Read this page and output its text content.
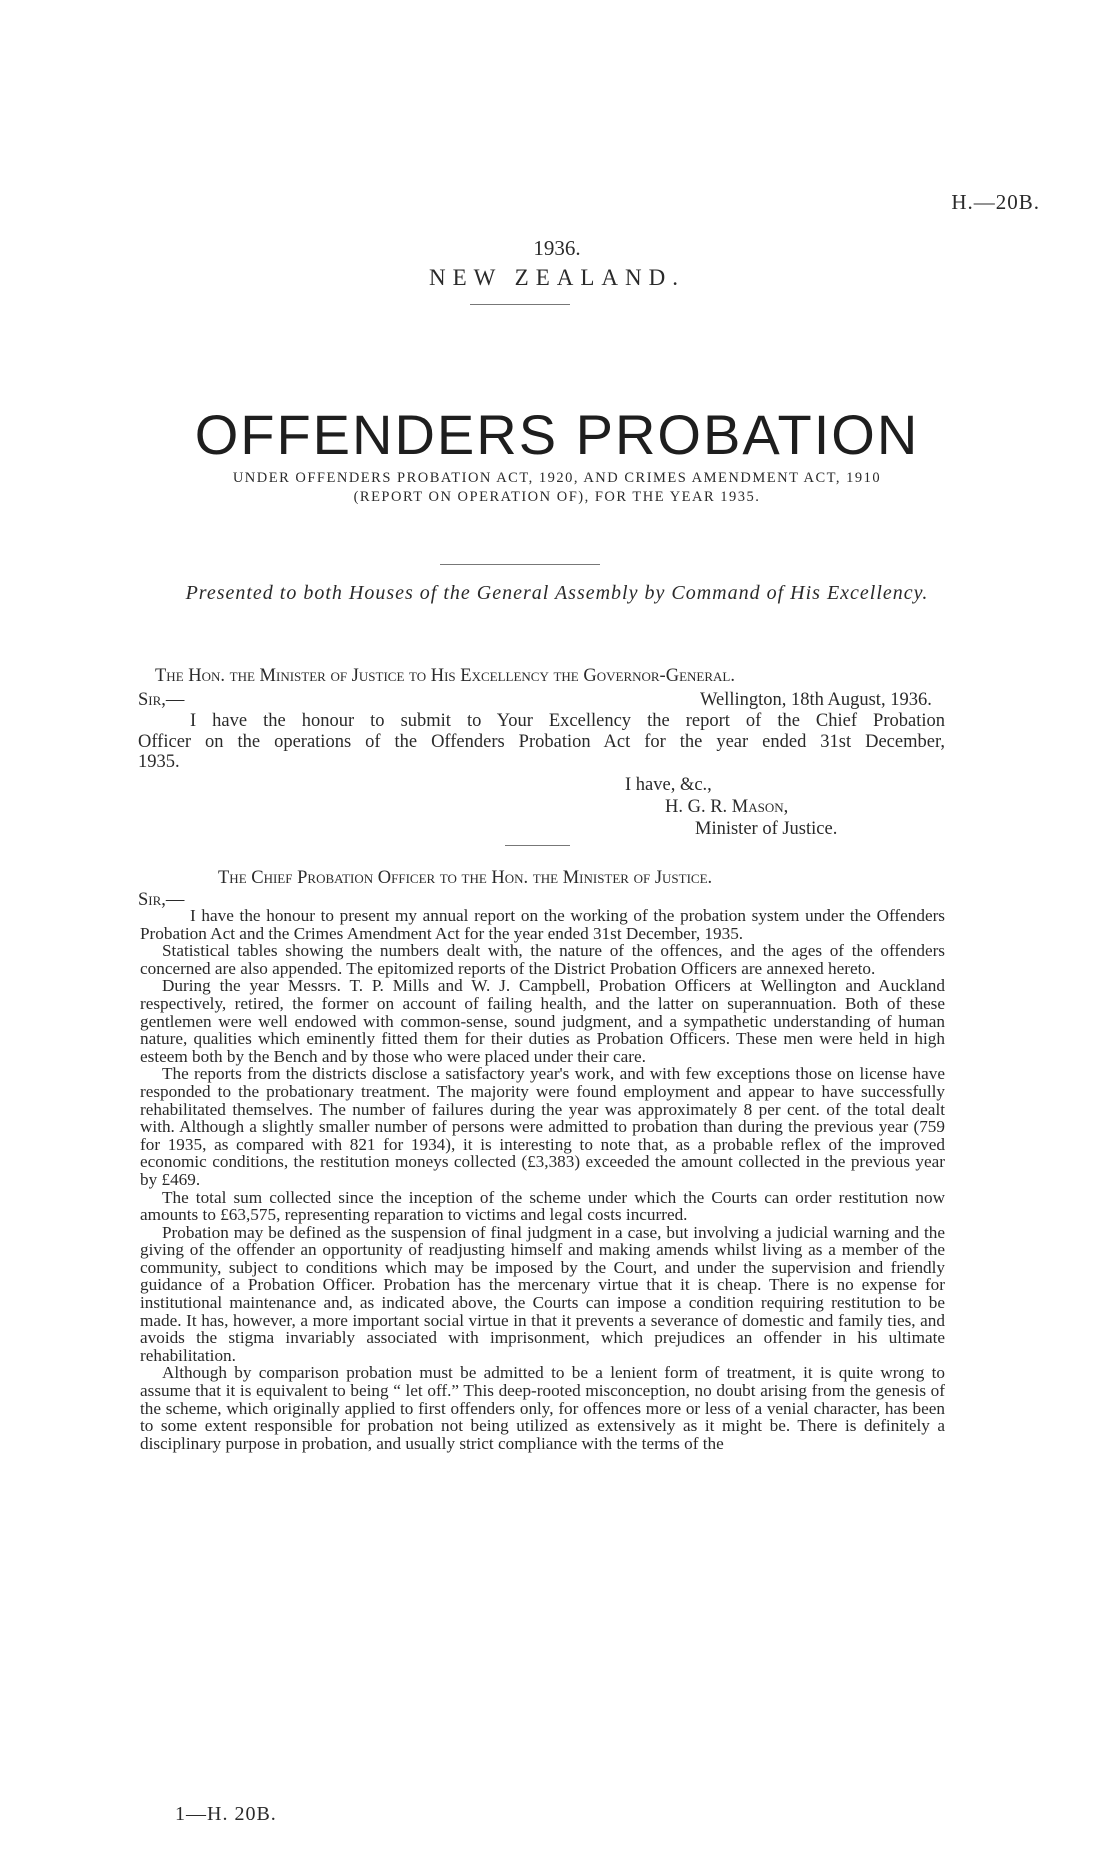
H.—20B.
1936.
NEW ZEALAND.
OFFENDERS PROBATION
UNDER OFFENDERS PROBATION ACT, 1920, AND CRIMES AMENDMENT ACT, 1910
(REPORT ON OPERATION OF), FOR THE YEAR 1935.
Presented to both Houses of the General Assembly by Command of His Excellency.
The Hon. the Minister of Justice to His Excellency the Governor-General.
Wellington, 18th August, 1936.
Sir,—
I have the honour to submit to Your Excellency the report of the Chief Probation
Officer on the operations of the Offenders Probation Act for the year ended 31st December,
1935.
I have, &c.,
H. G. R. Mason,
Minister of Justice.
The Chief Probation Officer to the Hon. the Minister of Justice.
Sir,—

I have the honour to present my annual report on the working of the probation system under the Offenders Probation Act and the Crimes Amendment Act for the year ended 31st December, 1935.

Statistical tables showing the numbers dealt with, the nature of the offences, and the ages of the offenders concerned are also appended. The epitomized reports of the District Probation Officers are annexed hereto.

During the year Messrs. T. P. Mills and W. J. Campbell, Probation Officers at Wellington and Auckland respectively, retired, the former on account of failing health, and the latter on superannuation. Both of these gentlemen were well endowed with common-sense, sound judgment, and a sympathetic understanding of human nature, qualities which eminently fitted them for their duties as Probation Officers. These men were held in high esteem both by the Bench and by those who were placed under their care.

The reports from the districts disclose a satisfactory year's work, and with few exceptions those on license have responded to the probationary treatment. The majority were found employment and appear to have successfully rehabilitated themselves. The number of failures during the year was approximately 8 per cent. of the total dealt with. Although a slightly smaller number of persons were admitted to probation than during the previous year (759 for 1935, as compared with 821 for 1934), it is interesting to note that, as a probable reflex of the improved economic conditions, the restitution moneys collected (£3,383) exceeded the amount collected in the previous year by £469.

The total sum collected since the inception of the scheme under which the Courts can order restitution now amounts to £63,575, representing reparation to victims and legal costs incurred.

Probation may be defined as the suspension of final judgment in a case, but involving a judicial warning and the giving of the offender an opportunity of readjusting himself and making amends whilst living as a member of the community, subject to conditions which may be imposed by the Court, and under the supervision and friendly guidance of a Probation Officer. Probation has the mercenary virtue that it is cheap. There is no expense for institutional maintenance and, as indicated above, the Courts can impose a condition requiring restitution to be made. It has, however, a more important social virtue in that it prevents a severance of domestic and family ties, and avoids the stigma invariably associated with imprisonment, which prejudices an offender in his ultimate rehabilitation.

Although by comparison probation must be admitted to be a lenient form of treatment, it is quite wrong to assume that it is equivalent to being “ let off.” This deep-rooted misconception, no doubt arising from the genesis of the scheme, which originally applied to first offenders only, for offences more or less of a venial character, has been to some extent responsible for probation not being utilized as extensively as it might be. There is definitely a disciplinary purpose in probation, and usually strict compliance with the terms of the

1—H. 20B.
